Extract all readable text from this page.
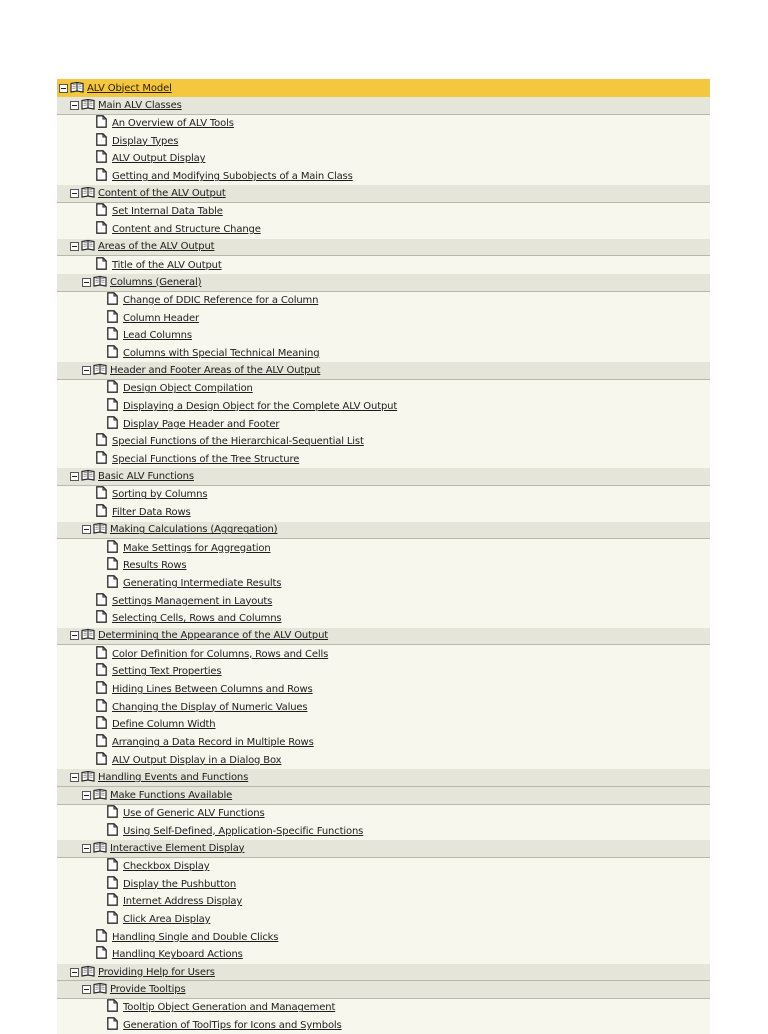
ALV Object Model
Main ALV Classes
An Overview of ALV Tools
Display Types
ALV Output Display
Getting and Modifying Subobjects of a Main Class
Content of the ALV Output
Set Internal Data Table
Content and Structure Change
Areas of the ALV Output
Title of the ALV Output
Columns (General)
Change of DDIC Reference for a Column
Column Header
Lead Columns
Columns with Special Technical Meaning
Header and Footer Areas of the ALV Output
Design Object Compilation
Displaying a Design Object for the Complete ALV Output
Display Page Header and Footer
Special Functions of the Hierarchical-Sequential List
Special Functions of the Tree Structure
Basic ALV Functions
Sorting by Columns
Filter Data Rows
Making Calculations (Aggregation)
Make Settings for Aggregation
Results Rows
Generating Intermediate Results
Settings Management in Layouts
Selecting Cells, Rows and Columns
Determining the Appearance of the ALV Output
Color Definition for Columns, Rows and Cells
Setting Text Properties
Hiding Lines Between Columns and Rows
Changing the Display of Numeric Values
Define Column Width
Arranging a Data Record in Multiple Rows
ALV Output Display in a Dialog Box
Handling Events and Functions
Make Functions Available
Use of Generic ALV Functions
Using Self-Defined, Application-Specific Functions
Interactive Element Display
Checkbox Display
Display the Pushbutton
Internet Address Display
Click Area Display
Handling Single and Double Clicks
Handling Keyboard Actions
Providing Help for Users
Provide Tooltips
Tooltip Object Generation and Management
Generation of ToolTips for Icons and Symbols
